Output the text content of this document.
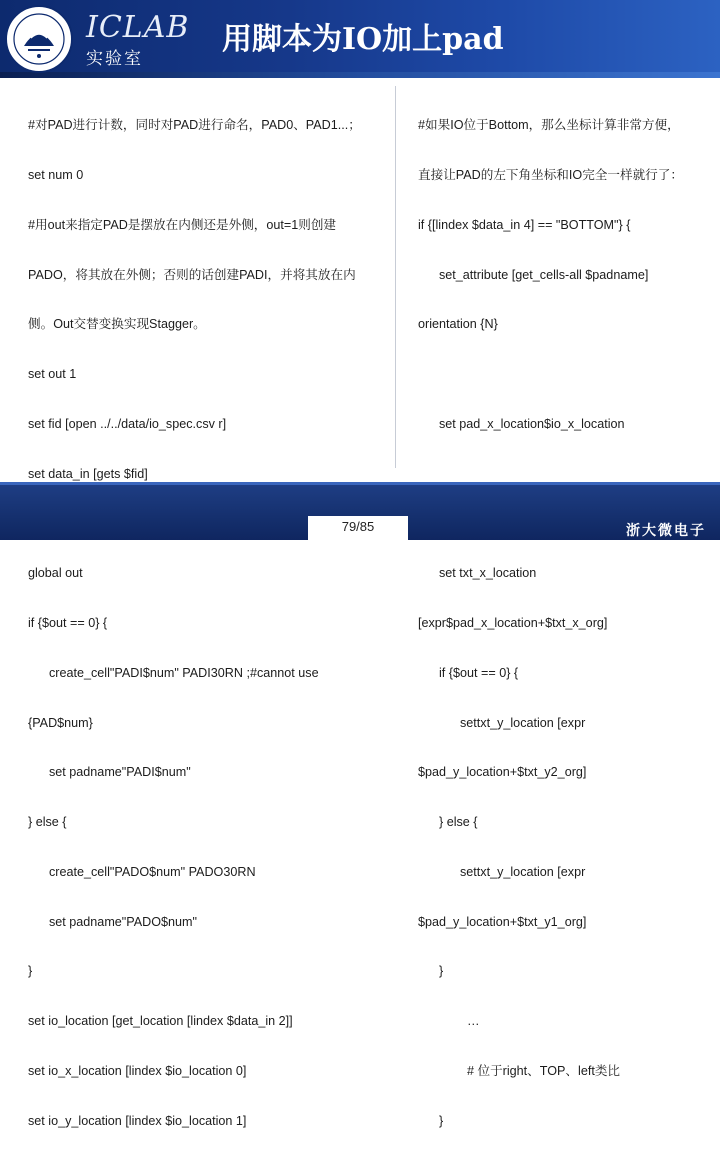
ICLAB
实验室
用脚本为IO加上pad

#对PAD进行计数，同时对PAD进行命名，PAD0、PAD1...；

set num 0

#用out来指定PAD是摆放在内侧还是外侧，out=1则创建

PADO，将其放在外侧；否则的话创建PADI，并将其放在内

侧。Out交替变换实现Stagger。

set out 1

set fid [open ../../data/io_spec.csv r]

set data_in [gets $fid]

global out

if {$out == 0} {

create_cell"PADI$num" PADI30RN ;#cannot use

{PAD$num}

set padname"PADI$num"

} else {

create_cell"PADO$num" PADO30RN

set padname"PADO$num"

}

set io_location [get_location [lindex $data_in 2]]

set io_x_location [lindex $io_location 0]

set io_y_location [lindex $io_location 1]

#如果IO位于Bottom，那么坐标计算非常方便，

直接让PAD的左下角坐标和IO完全一样就行了：

if {[lindex $data_in 4] == "BOTTOM"} {

set_attribute [get_cells-all $padname]

orientation {N}

set pad_x_location$io_x_location

set txt_x_location

[expr$pad_x_location+$txt_x_org]

if {$out == 0} {

settxt_y_location [expr

$pad_y_location+$txt_y2_org]

} else {

settxt_y_location [expr

$pad_y_location+$txt_y1_org]

}

…

# 位于right、TOP、left类比

}

79/85	浙大微电子
